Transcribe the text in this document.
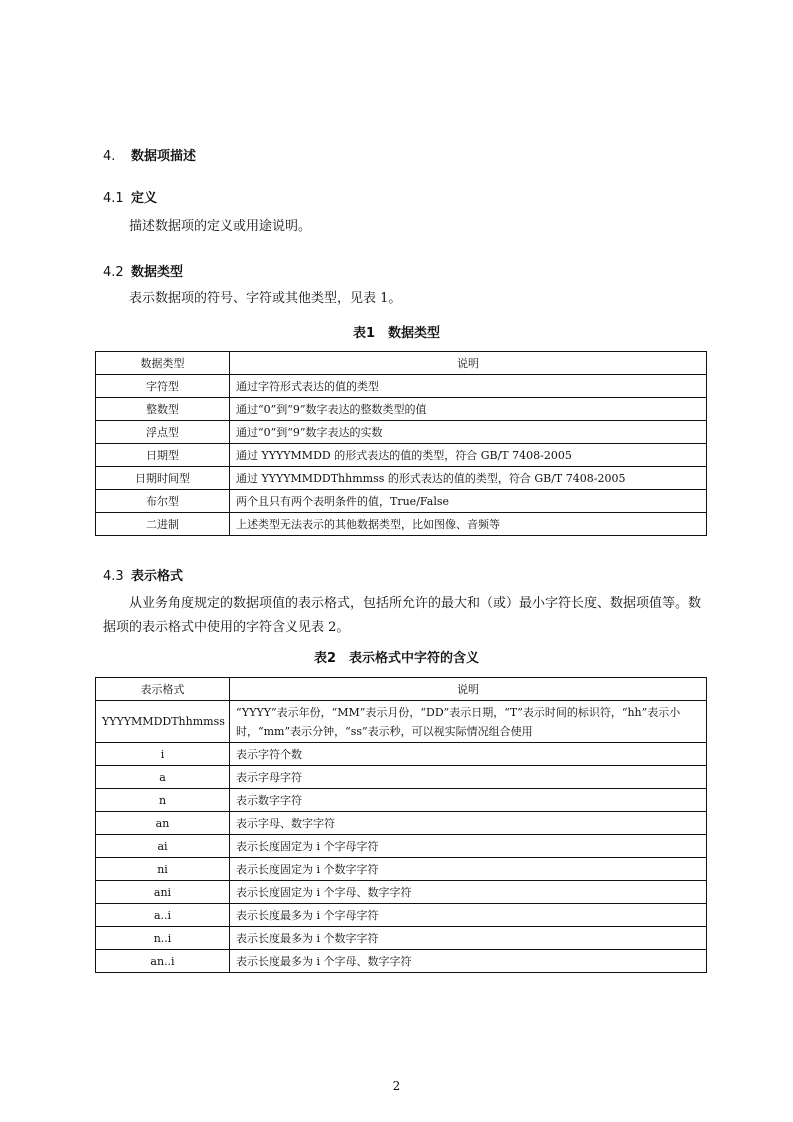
4. 数据项描述
4.1 定义
描述数据项的定义或用途说明。
4.2 数据类型
表示数据项的符号、字符或其他类型，见表 1。
表1　数据类型
数据类型	说明
字符型	通过字符形式表达的值的类型
整数型	通过“0”到“9”数字表达的整数类型的值
浮点型	通过“0”到“9”数字表达的实数
日期型	通过 YYYYMMDD 的形式表达的值的类型，符合 GB/T 7408-2005
日期时间型	通过 YYYYMMDDThhmmss 的形式表达的值的类型，符合 GB/T 7408-2005
布尔型	两个且只有两个表明条件的值，True/False
二进制	上述类型无法表示的其他数据类型，比如图像、音频等
4.3 表示格式
从业务角度规定的数据项值的表示格式，包括所允许的最大和（或）最小字符长度、数据项值等。数据项的表示格式中使用的字符含义见表 2。
表2　表示格式中字符的含义
表示格式	说明
YYYYMMDDThhmmss	“YYYY”表示年份，“MM”表示月份，“DD”表示日期，“T”表示时间的标识符，“hh”表示小时，“mm”表示分钟，“ss”表示秒，可以视实际情况组合使用
i	表示字符个数
a	表示字母字符
n	表示数字字符
an	表示字母、数字字符
ai	表示长度固定为 i 个字母字符
ni	表示长度固定为 i 个数字字符
ani	表示长度固定为 i 个字母、数字字符
a..i	表示长度最多为 i 个字母字符
n..i	表示长度最多为 i 个数字字符
an..i	表示长度最多为 i 个字母、数字字符
2
